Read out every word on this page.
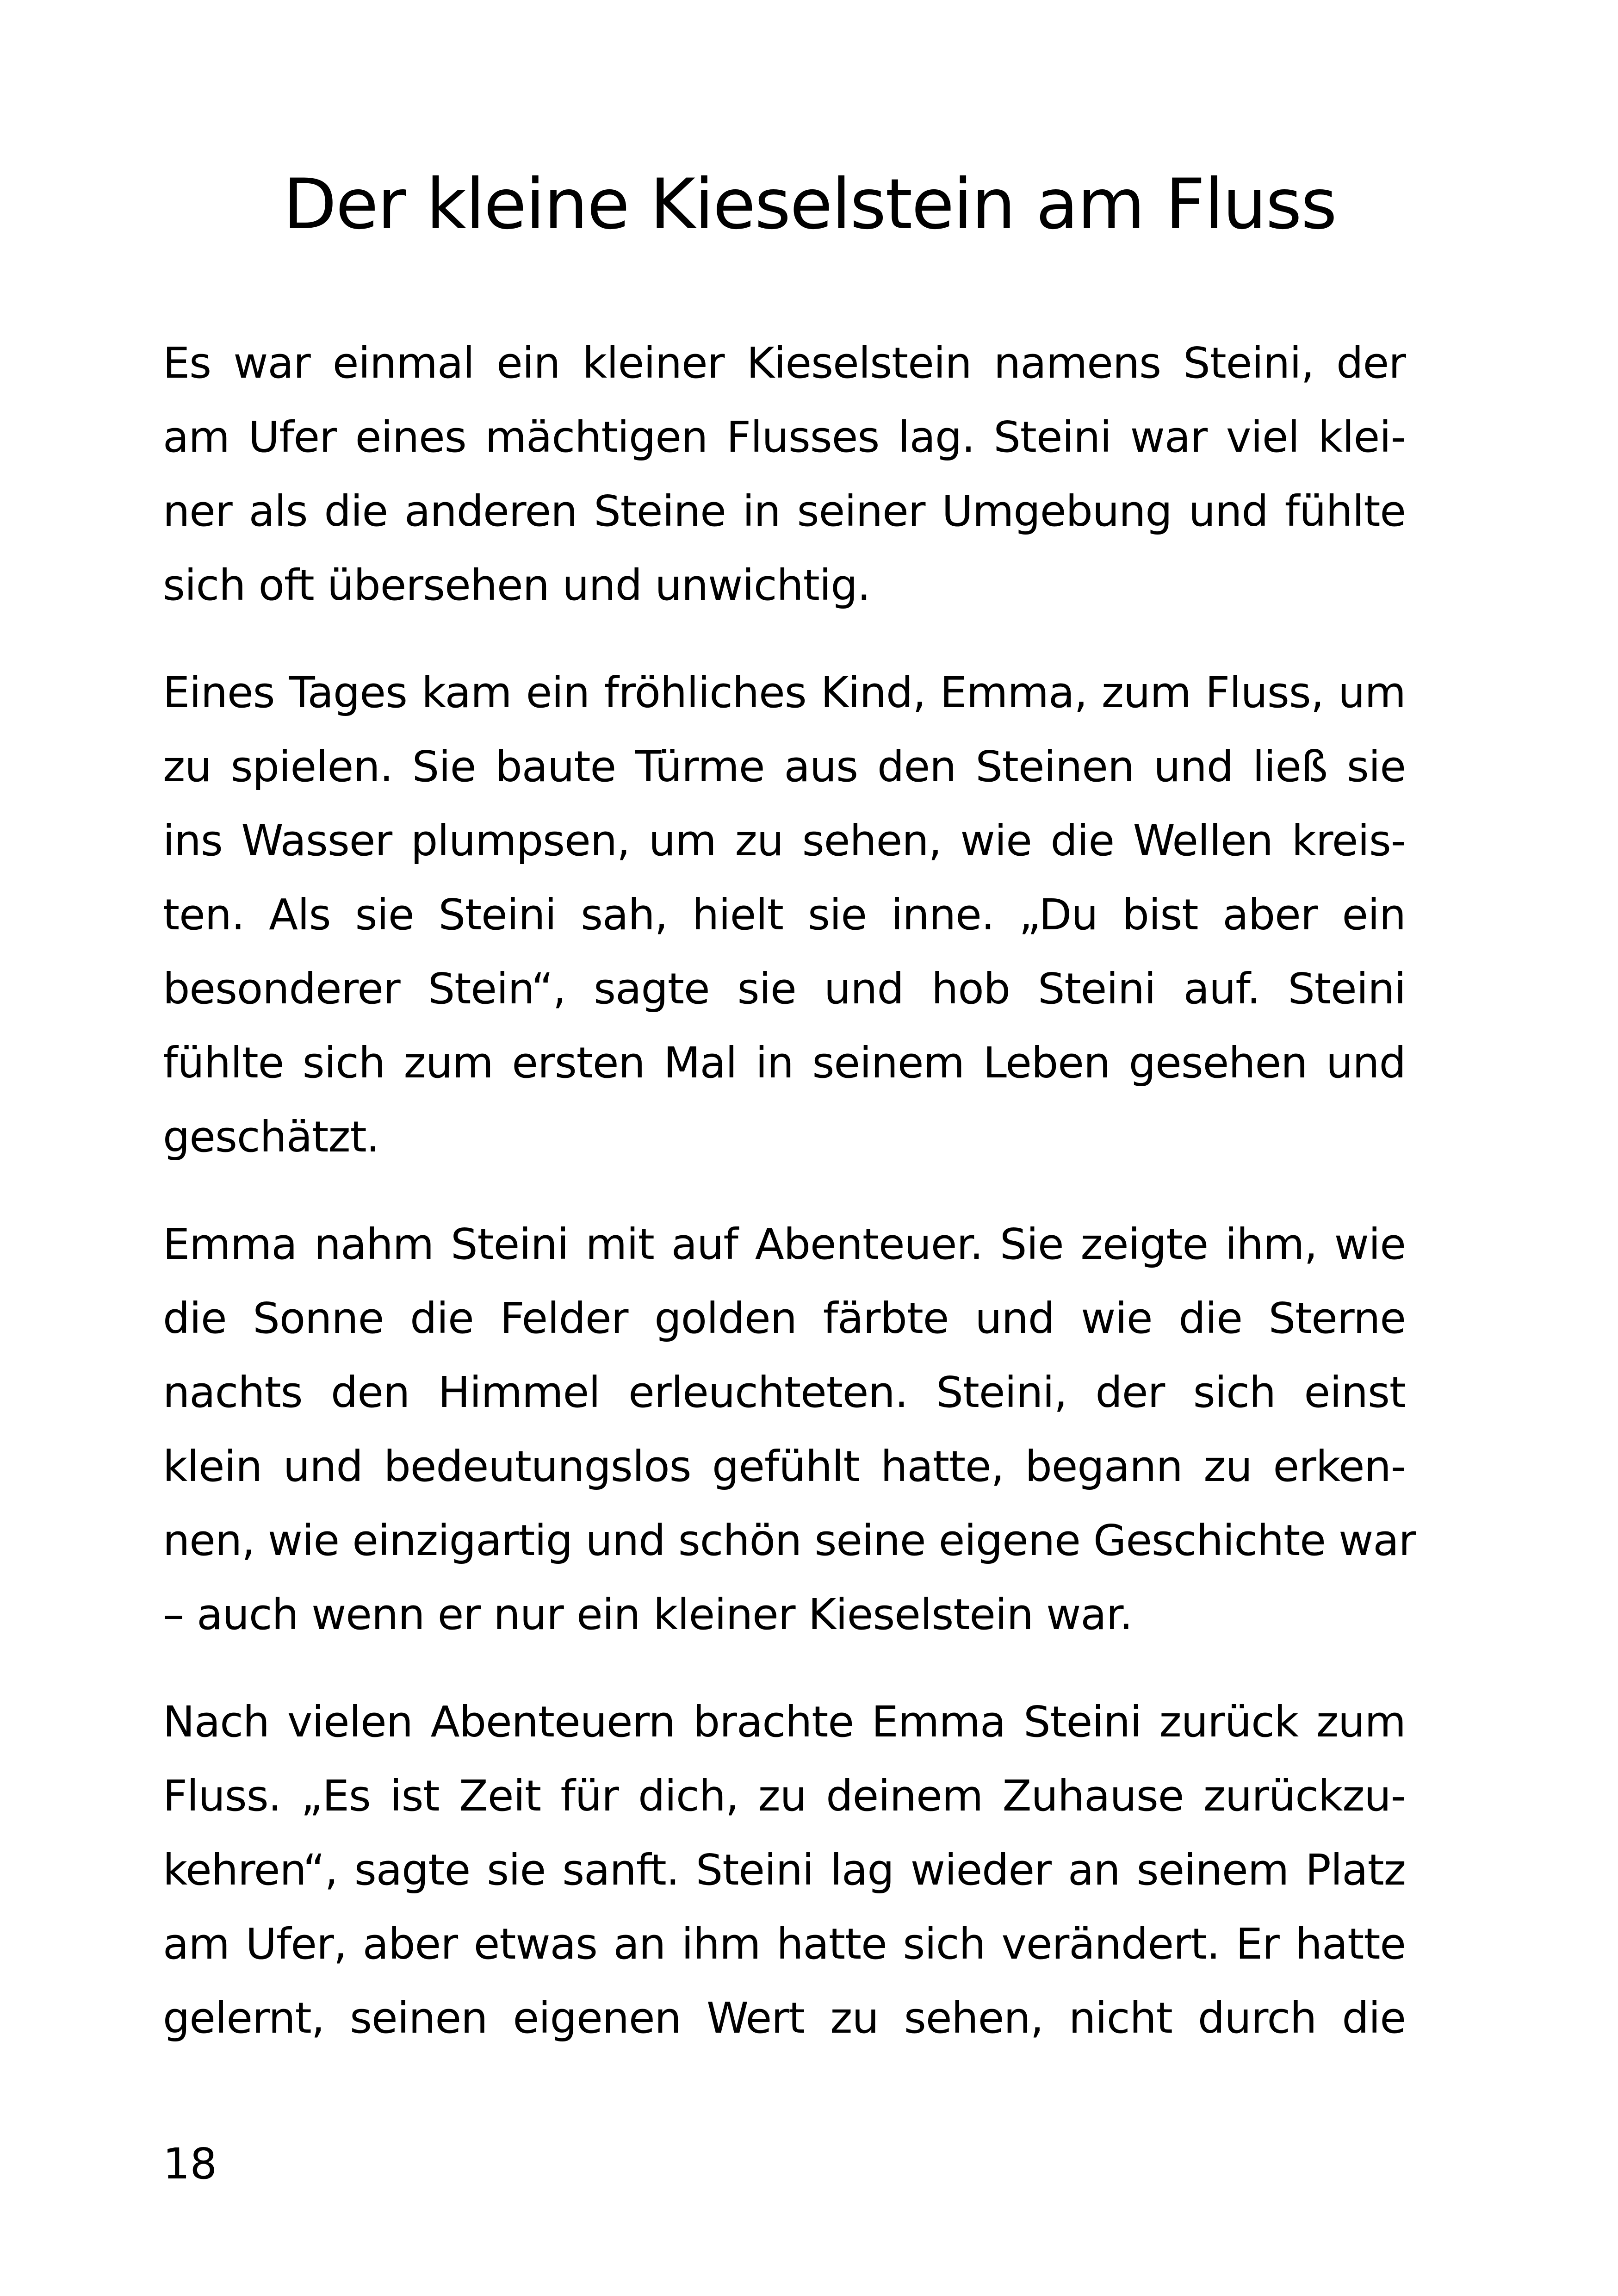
Der kleine Kieselstein am Fluss
Es war einmal ein kleiner Kieselstein namens Steini, der
am Ufer eines mächtigen Flusses lag. Steini war viel klei-
ner als die anderen Steine in seiner Umgebung und fühlte
sich oft übersehen und unwichtig.
Eines Tages kam ein fröhliches Kind, Emma, zum Fluss, um
zu spielen. Sie baute Türme aus den Steinen und ließ sie
ins Wasser plumpsen, um zu sehen, wie die Wellen kreis-
ten. Als sie Steini sah, hielt sie inne. „Du bist aber ein
besonderer Stein“, sagte sie und hob Steini auf. Steini
fühlte sich zum ersten Mal in seinem Leben gesehen und
geschätzt.
Emma nahm Steini mit auf Abenteuer. Sie zeigte ihm, wie
die Sonne die Felder golden färbte und wie die Sterne
nachts den Himmel erleuchteten. Steini, der sich einst
klein und bedeutungslos gefühlt hatte, begann zu erken-
nen, wie einzigartig und schön seine eigene Geschichte war
– auch wenn er nur ein kleiner Kieselstein war.
Nach vielen Abenteuern brachte Emma Steini zurück zum
Fluss. „Es ist Zeit für dich, zu deinem Zuhause zurückzu-
kehren“, sagte sie sanft. Steini lag wieder an seinem Platz
am Ufer, aber etwas an ihm hatte sich verändert. Er hatte
gelernt, seinen eigenen Wert zu sehen, nicht durch die
18
